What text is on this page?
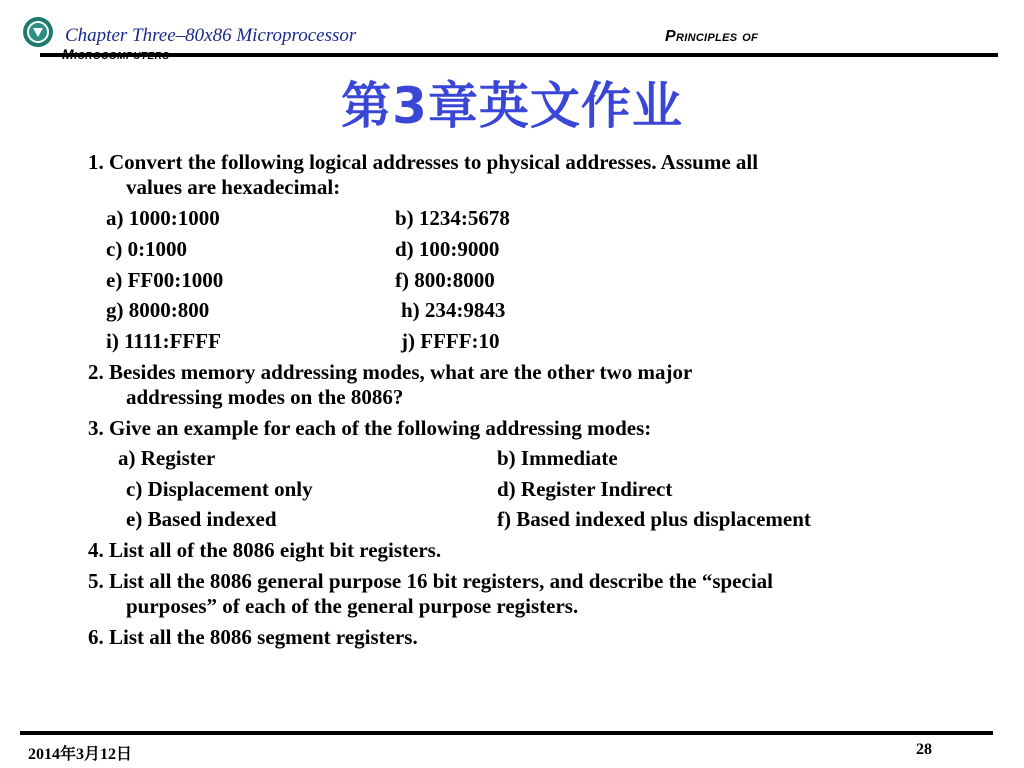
Chapter Three–80x86 Microprocessor	Principles of
第3章英文作业
1. Convert the following logical addresses to physical addresses. Assume all
values are hexadecimal:
a) 1000:1000	b) 1234:5678
c) 0:1000	d) 100:9000
e) FF00:1000	f) 800:8000
g) 8000:800	h) 234:9843
i) 1111:FFFF	j) FFFF:10
2. Besides memory addressing modes, what are the other two major
addressing modes on the 8086?
3. Give an example for each of the following addressing modes:
a) Register	b) Immediate
c) Displacement only	d) Register Indirect
e) Based indexed	f) Based indexed plus displacement
4. List all of the 8086 eight bit registers.
5. List all the 8086 general purpose 16 bit registers, and describe the “special
purposes” of each of the general purpose registers.
6. List all the 8086 segment registers.
2014年3月12日	28
